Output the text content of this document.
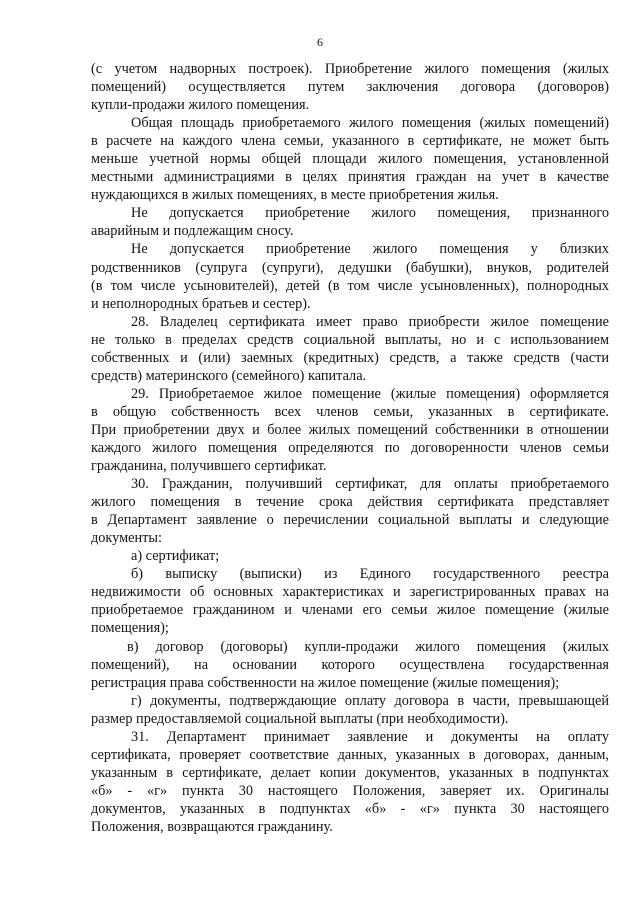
6
(с учетом надворных построек). Приобретение жилого помещения (жилых
помещений) осуществляется путем заключения договора (договоров)
купли-продажи жилого помещения.
Общая площадь приобретаемого жилого помещения (жилых помещений)
в расчете на каждого члена семьи, указанного в сертификате, не может быть
меньше учетной нормы общей площади жилого помещения, установленной
местными администрациями в целях принятия граждан на учет в качестве
нуждающихся в жилых помещениях, в месте приобретения жилья.
Не допускается приобретение жилого помещения, признанного
аварийным и подлежащим сносу.
Не допускается приобретение жилого помещения у близких
родственников (супруга (супруги), дедушки (бабушки), внуков, родителей
(в том числе усыновителей), детей (в том числе усыновленных), полнородных
и неполнородных братьев и сестер).
28. Владелец сертификата имеет право приобрести жилое помещение
не только в пределах средств социальной выплаты, но и с использованием
собственных и (или) заемных (кредитных) средств, а также средств (части
средств) материнского (семейного) капитала.
29. Приобретаемое жилое помещение (жилые помещения) оформляется
в общую собственность всех членов семьи, указанных в сертификате.
При приобретении двух и более жилых помещений собственники в отношении
каждого жилого помещения определяются по договоренности членов семьи
гражданина, получившего сертификат.
30. Гражданин, получивший сертификат, для оплаты приобретаемого
жилого помещения в течение срока действия сертификата представляет
в Департамент заявление о перечислении социальной выплаты и следующие
документы:
а) сертификат;
б) выписку (выписки) из Единого государственного реестра
недвижимости об основных характеристиках и зарегистрированных правах на
приобретаемое гражданином и членами его семьи жилое помещение (жилые
помещения);
в) договор (договоры) купли-продажи жилого помещения (жилых
помещений), на основании которого осуществлена государственная
регистрация права собственности на жилое помещение (жилые помещения);
г) документы, подтверждающие оплату договора в части, превышающей
размер предоставляемой социальной выплаты (при необходимости).
31. Департамент принимает заявление и документы на оплату
сертификата, проверяет соответствие данных, указанных в договорах, данным,
указанным в сертификате, делает копии документов, указанных в подпунктах
«б» - «г» пункта 30 настоящего Положения, заверяет их. Оригиналы
документов, указанных в подпунктах «б» - «г» пункта 30 настоящего
Положения, возвращаются гражданину.
